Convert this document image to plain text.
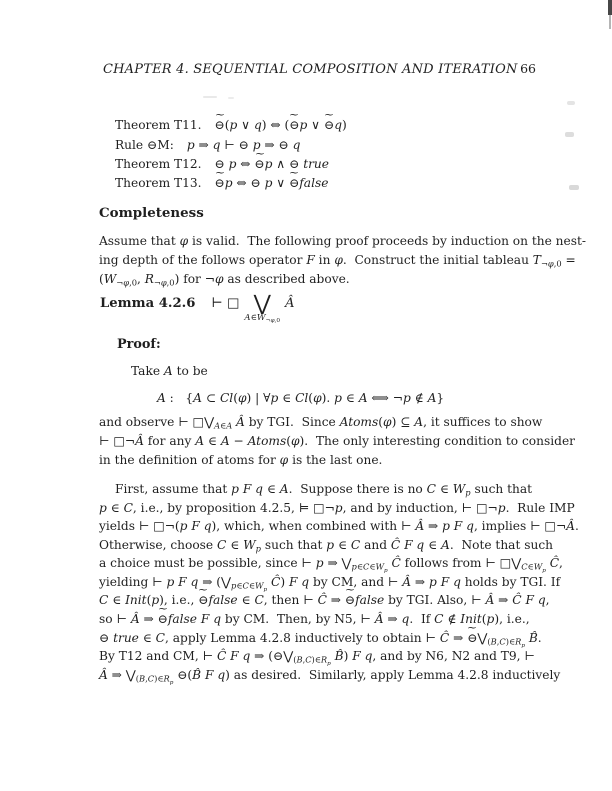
CHAPTER 4. SEQUENTIAL COMPOSITION AND ITERATION 66
Theorem T11. ⊖ ~(p ∨ q) ⇔ (⊖ ~p ∨ ⊖ ~q)
Rule ⊖M: p ⇒ q ⊢ ⊖ p ⇒ ⊖ q
Theorem T12. ⊖ p ⇔ ⊖ ~p ∧ ⊖ true
Theorem T13. ⊖ ~p ⇔ ⊖ p ∨ ⊖ ~false
Completeness
Assume that φ is valid.  The following proof proceeds by induction on the nest-
ing depth of the follows operator F in φ.  Construct the initial tableau $T_{\neg\varphi,0}$ =
($W_{\neg\varphi,0}$, $R_{\neg\varphi,0}$) for ¬φ as described above.
Lemma 4.2.6 ⊢ □ ⋁
$A\in W_{\neg\varphi,0}$
Â
Proof:
Take A to be
A :   {A ⊂ Cl(φ) | ∀p ∈ Cl(φ). p ∈ A ⟺ ¬p ∉ A}
and observe ⊢ $□⋁_{A\in A}$ Â by TGI.  Since Atoms(φ) ⊆ A, it suffices to show
⊢ □¬Â for any A ∈ A − Atoms(φ).  The only interesting condition to consider
in the definition of atoms for φ is the last one.
First, assume that p F q ∈ A.  Suppose there is no C ∈ $W_p$ such that
p ∈ C, i.e., by proposition 4.2.5, ⊨ □¬p, and by induction, ⊢ □¬p.  Rule IMP
yields ⊢ □¬(p F q), which, when combined with ⊢ Â ⇒ p F q, implies ⊢ □¬Â.
Otherwise, choose C ∈ $W_p$ such that p ∈ C and Ĉ F q ∈ A.  Note that such
a choice must be possible, since ⊢ p ⇒ $⋁_{p\in C\in W_p}$ Ĉ follows from ⊢ $□⋁_{C\in W_p}$ Ĉ,
yielding ⊢ p F q ⇒ ($⋁_{p\in C\in W_p}$ Ĉ) F q by CM, and ⊢ Â ⇒ p F q holds by TGI. If
C ∈ Init(p), i.e., ⊖ ~false ∈ C, then ⊢ Ĉ ⇒ ⊖ ~false by TGI. Also, ⊢ Â ⇒ Ĉ F q,
so ⊢ Â ⇒ ⊖ ~false F q by CM.  Then, by N5, ⊢ Â ⇒ q.  If C ∉ Init(p), i.e.,
⊖ true ∈ C, apply Lemma 4.2.8 inductively to obtain ⊢ Ĉ ⇒ ⊖ $\sim⋁_{(B,C)\in R_p}$ B̂.
By T12 and CM, ⊢ Ĉ F q ⇒ ($⊖⋁_{(B,C)\in R_p}$ B̂) F q, and by N6, N2 and T9, ⊢
Â ⇒ $⋁_{(B,C)\in R_p}$ ⊖(B̂ F q) as desired.  Similarly, apply Lemma 4.2.8 inductively
